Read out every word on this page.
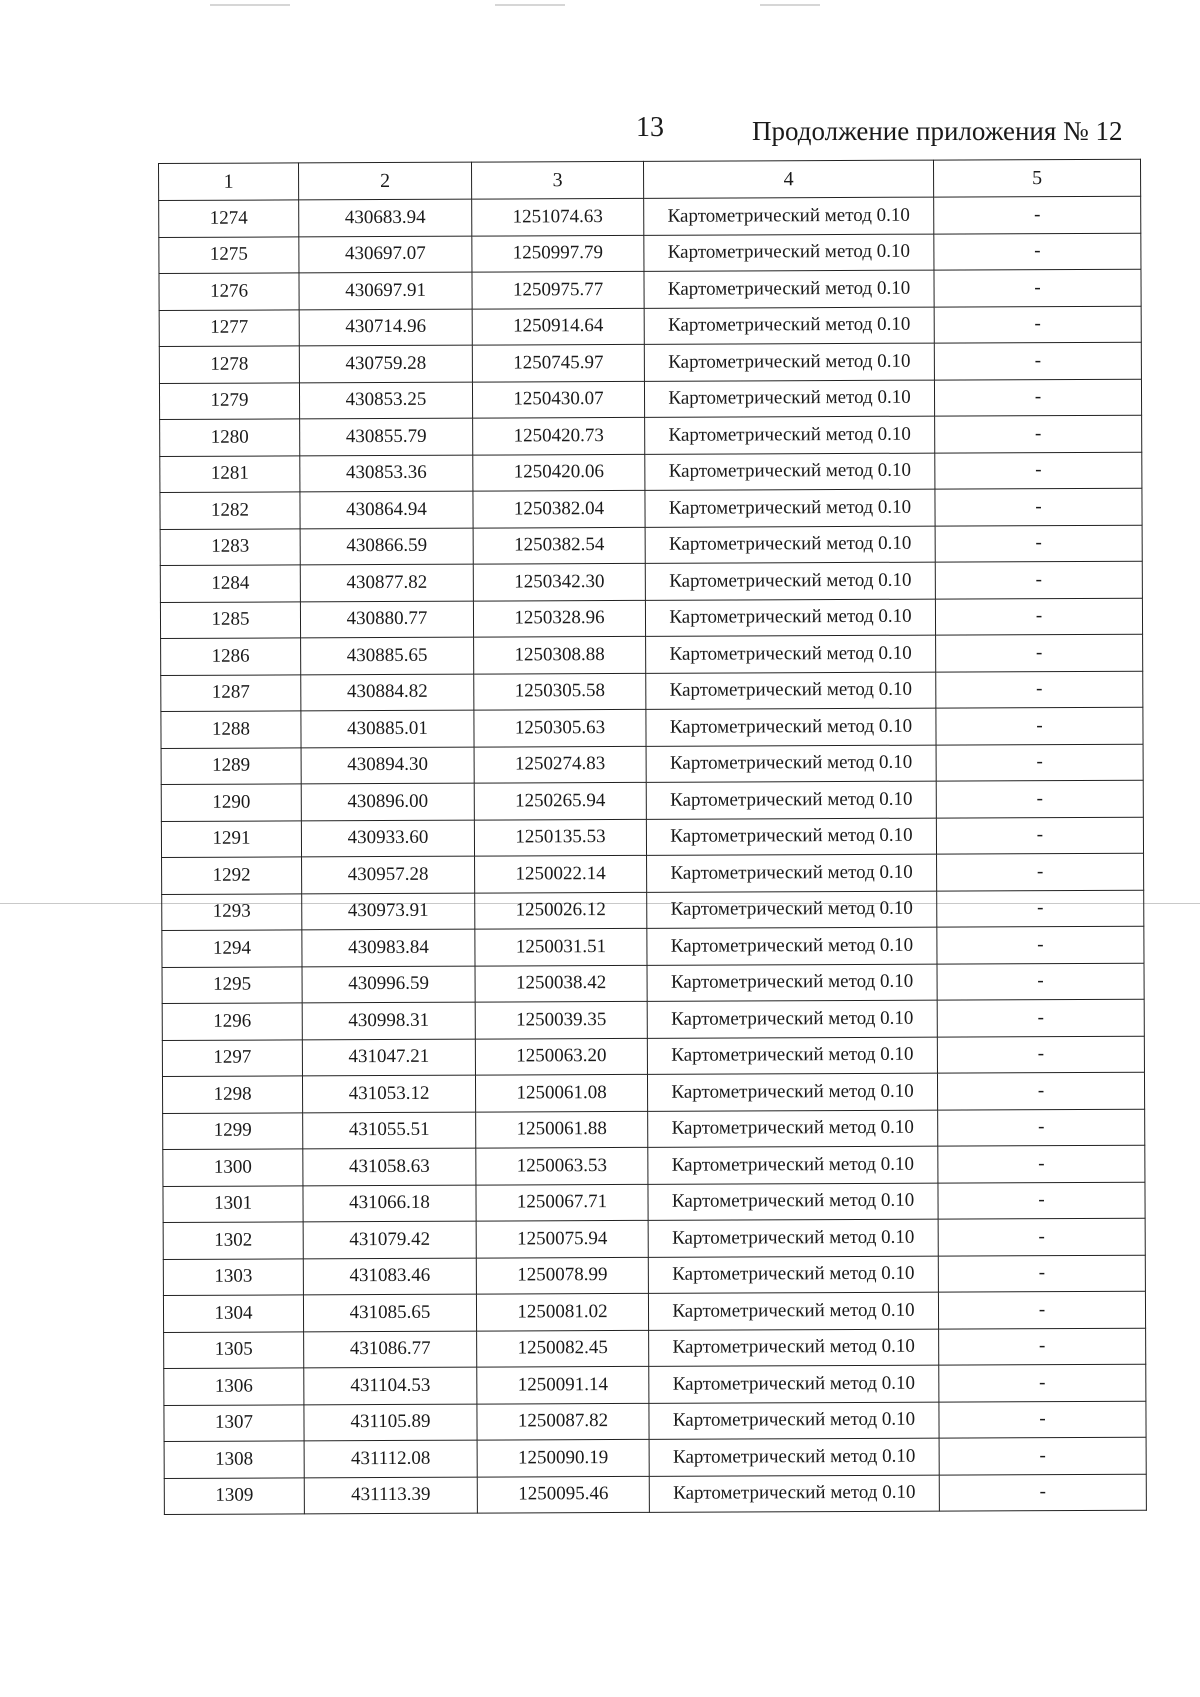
13	Продолжение приложения № 12
1	2	3	4	5
1274	430683.94	1251074.63	Картометрический метод 0.10	-
1275	430697.07	1250997.79	Картометрический метод 0.10	-
1276	430697.91	1250975.77	Картометрический метод 0.10	-
1277	430714.96	1250914.64	Картометрический метод 0.10	-
1278	430759.28	1250745.97	Картометрический метод 0.10	-
1279	430853.25	1250430.07	Картометрический метод 0.10	-
1280	430855.79	1250420.73	Картометрический метод 0.10	-
1281	430853.36	1250420.06	Картометрический метод 0.10	-
1282	430864.94	1250382.04	Картометрический метод 0.10	-
1283	430866.59	1250382.54	Картометрический метод 0.10	-
1284	430877.82	1250342.30	Картометрический метод 0.10	-
1285	430880.77	1250328.96	Картометрический метод 0.10	-
1286	430885.65	1250308.88	Картометрический метод 0.10	-
1287	430884.82	1250305.58	Картометрический метод 0.10	-
1288	430885.01	1250305.63	Картометрический метод 0.10	-
1289	430894.30	1250274.83	Картометрический метод 0.10	-
1290	430896.00	1250265.94	Картометрический метод 0.10	-
1291	430933.60	1250135.53	Картометрический метод 0.10	-
1292	430957.28	1250022.14	Картометрический метод 0.10	-
1293	430973.91	1250026.12	Картометрический метод 0.10	-
1294	430983.84	1250031.51	Картометрический метод 0.10	-
1295	430996.59	1250038.42	Картометрический метод 0.10	-
1296	430998.31	1250039.35	Картометрический метод 0.10	-
1297	431047.21	1250063.20	Картометрический метод 0.10	-
1298	431053.12	1250061.08	Картометрический метод 0.10	-
1299	431055.51	1250061.88	Картометрический метод 0.10	-
1300	431058.63	1250063.53	Картометрический метод 0.10	-
1301	431066.18	1250067.71	Картометрический метод 0.10	-
1302	431079.42	1250075.94	Картометрический метод 0.10	-
1303	431083.46	1250078.99	Картометрический метод 0.10	-
1304	431085.65	1250081.02	Картометрический метод 0.10	-
1305	431086.77	1250082.45	Картометрический метод 0.10	-
1306	431104.53	1250091.14	Картометрический метод 0.10	-
1307	431105.89	1250087.82	Картометрический метод 0.10	-
1308	431112.08	1250090.19	Картометрический метод 0.10	-
1309	431113.39	1250095.46	Картометрический метод 0.10	-
